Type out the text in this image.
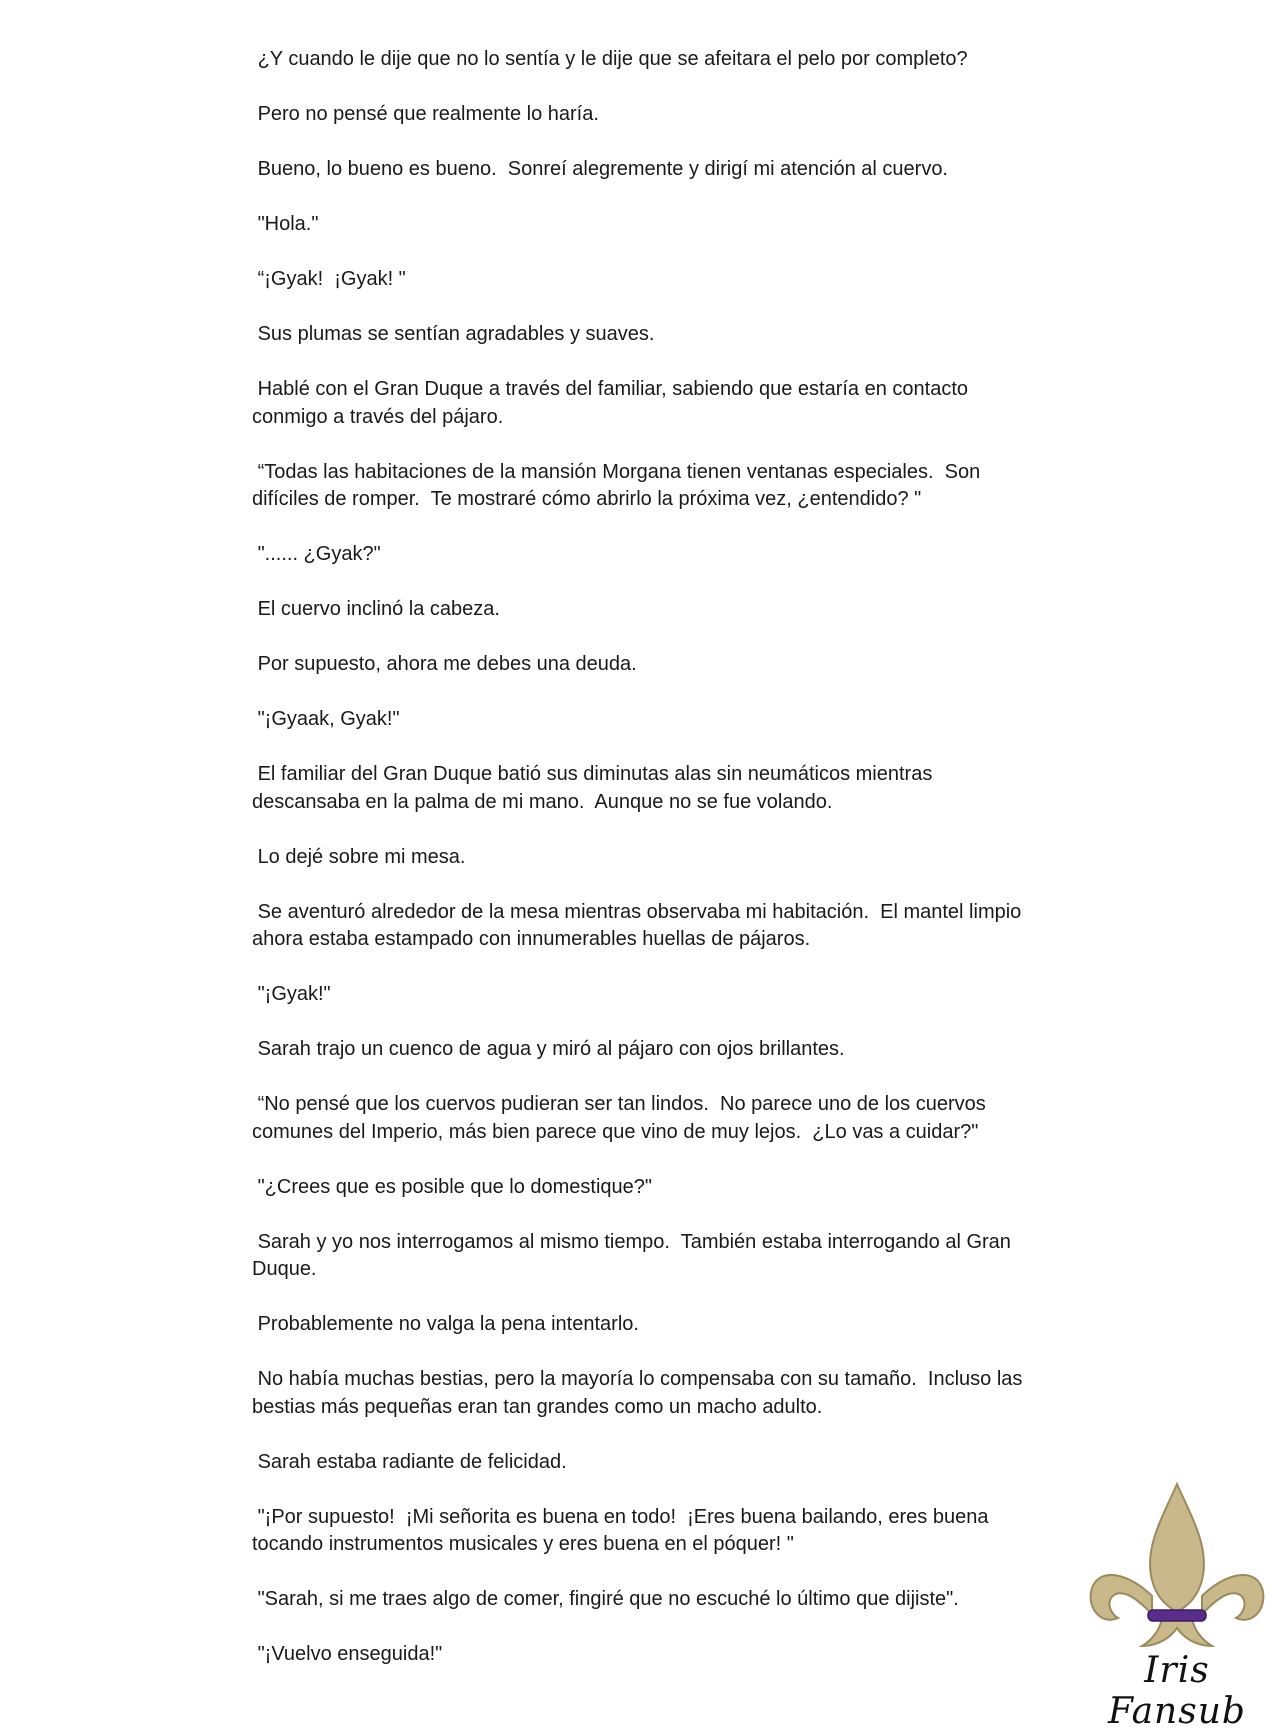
¿Y cuando le dije que no lo sentía y le dije que se afeitara el pelo por completo?

Pero no pensé que realmente lo haría.

Bueno, lo bueno es bueno.  Sonreí alegremente y dirigí mi atención al cuervo.

"Hola."

“¡Gyak!  ¡Gyak! "

Sus plumas se sentían agradables y suaves.

Hablé con el Gran Duque a través del familiar, sabiendo que estaría en contacto conmigo a través del pájaro.

“Todas las habitaciones de la mansión Morgana tienen ventanas especiales.  Son difíciles de romper.  Te mostraré cómo abrirlo la próxima vez, ¿entendido? "

"...... ¿Gyak?"

El cuervo inclinó la cabeza.

Por supuesto, ahora me debes una deuda.

"¡Gyaak, Gyak!"

El familiar del Gran Duque batió sus diminutas alas sin neumáticos mientras descansaba en la palma de mi mano.  Aunque no se fue volando.

Lo dejé sobre mi mesa.

Se aventuró alrededor de la mesa mientras observaba mi habitación.  El mantel limpio ahora estaba estampado con innumerables huellas de pájaros.

"¡Gyak!"

Sarah trajo un cuenco de agua y miró al pájaro con ojos brillantes.

“No pensé que los cuervos pudieran ser tan lindos.  No parece uno de los cuervos comunes del Imperio, más bien parece que vino de muy lejos.  ¿Lo vas a cuidar?"

"¿Crees que es posible que lo domestique?"

Sarah y yo nos interrogamos al mismo tiempo.  También estaba interrogando al Gran Duque.

Probablemente no valga la pena intentarlo.

No había muchas bestias, pero la mayoría lo compensaba con su tamaño.  Incluso las bestias más pequeñas eran tan grandes como un macho adulto.

Sarah estaba radiante de felicidad.

"¡Por supuesto!  ¡Mi señorita es buena en todo!  ¡Eres buena bailando, eres buena tocando instrumentos musicales y eres buena en el póquer! "

"Sarah, si me traes algo de comer, fingiré que no escuché lo último que dijiste".

"¡Vuelvo enseguida!"	Iris Fansub
